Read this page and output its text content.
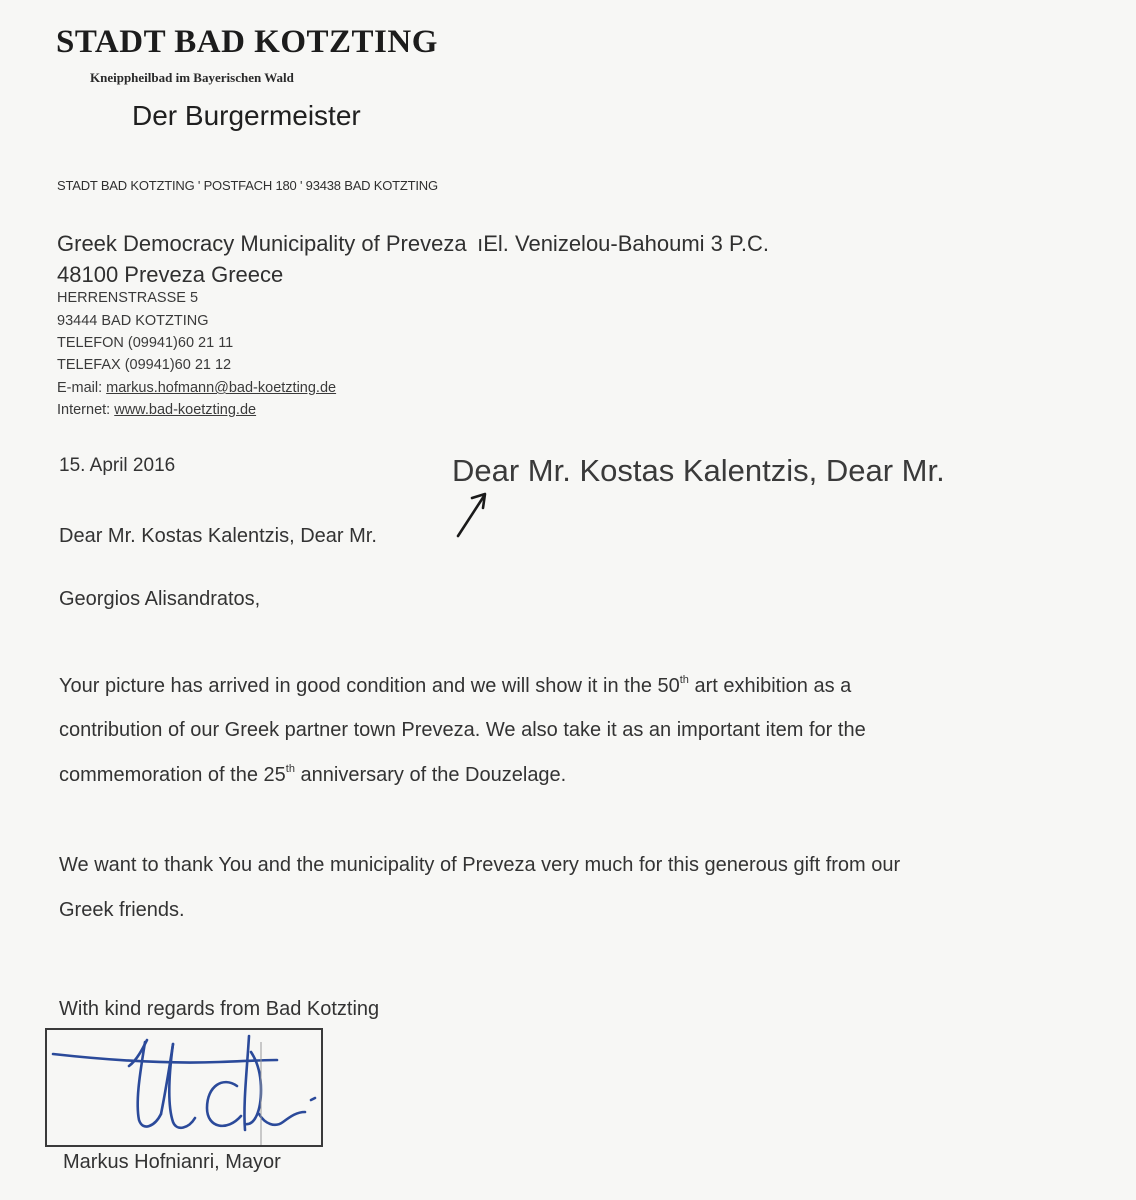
STADT BAD KOTZTING
Kneippheilbad im Bayerischen Wald
Der Burgermeister
STADT BAD KOTZTING ' POSTFACH 180 ' 93438 BAD KOTZTING
Greek Democracy Municipality of Preveza  ıEl. Venizelou-Bahoumi 3 P.C.
48100 Preveza Greece
HERRENSTRASSE 5
93444 BAD KOTZTING
TELEFON (09941)60 21 11
TELEFAX (09941)60 21 12
E-mail: markus.hofmann@bad-koetzting.de
Internet: www.bad-koetzting.de
15. April 2016	Dear Mr. Kostas Kalentzis, Dear Mr.
Dear Mr. Kostas Kalentzis, Dear Mr.
Georgios Alisandratos,
Your picture has arrived in good condition and we will show it in the 50th art exhibition as a
contribution of our Greek partner town Preveza. We also take it as an important item for the
commemoration of the 25th anniversary of the Douzelage.
We want to thank You and the municipality of Preveza very much for this generous gift from our
Greek friends.
With kind regards from Bad Kotzting
Markus Hofnianri, Mayor
